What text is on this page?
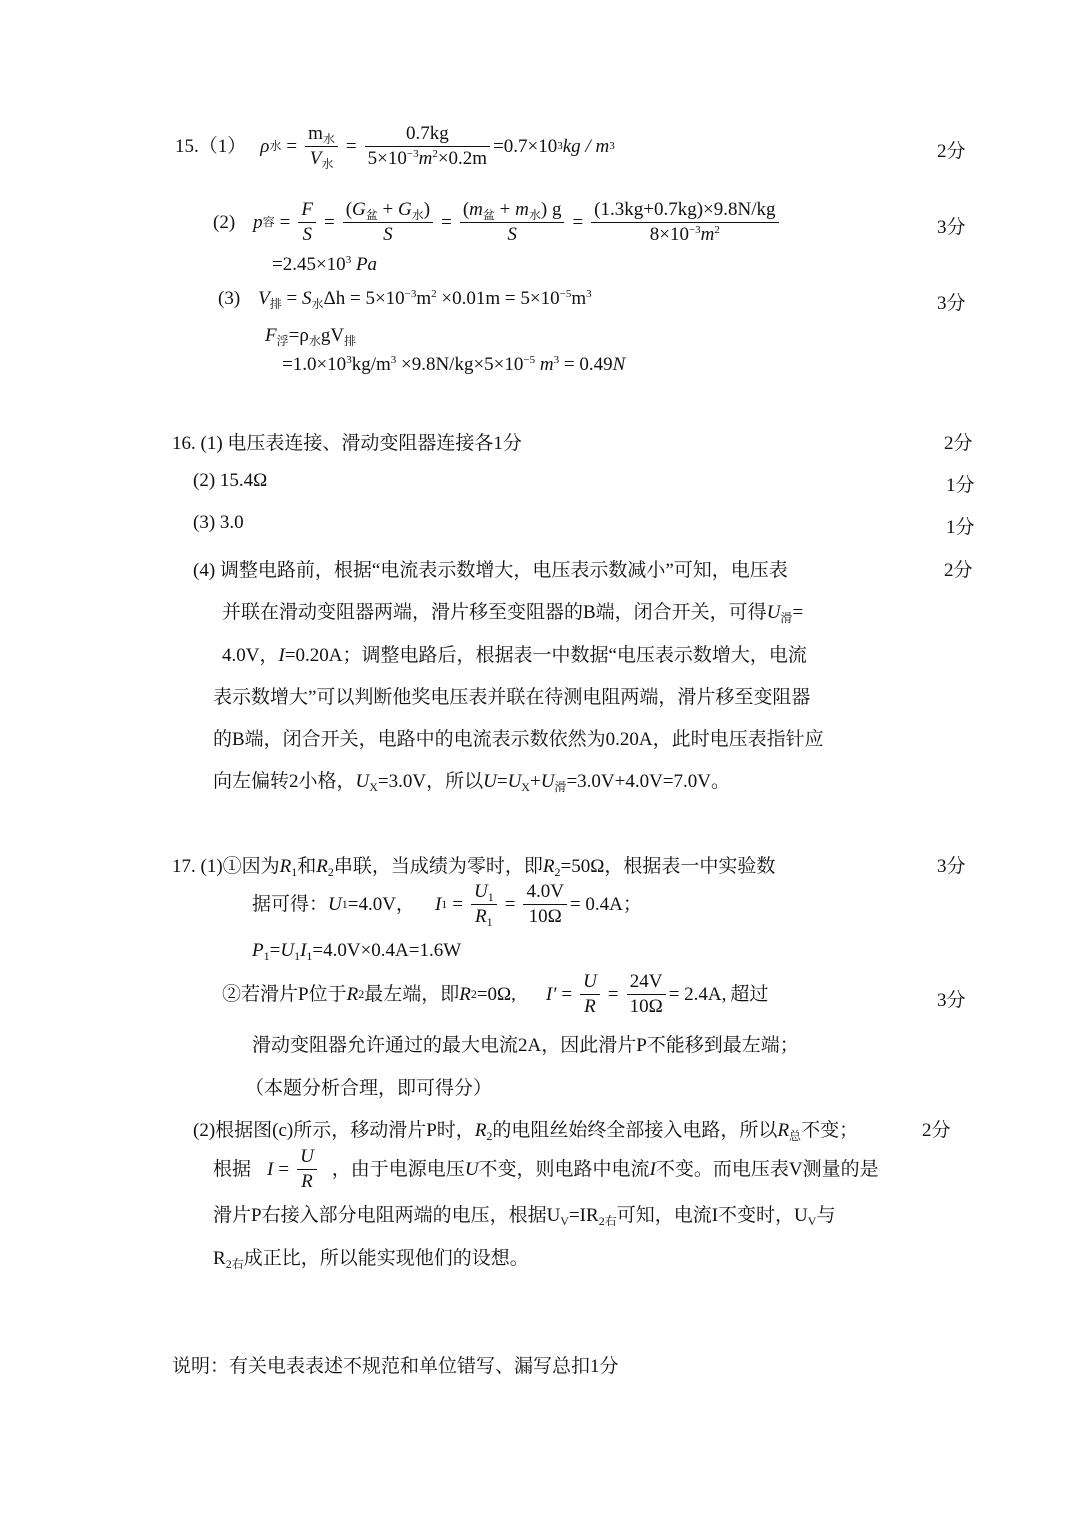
15. （1） ρ 水 = $\frac{m_水}{V_水} = \frac{0.7kg}{5\times 10^{-3}m^2\times 0.2m} =0.7\times 10$ 3 kg / m 3	2分
(2) p 容 = $\frac{F}{S} = \frac{(G_盆 + G_水)}{S} = \frac{(m_盆 + m_水) g}{S} = \frac{(1.3kg+0.7kg)\times 9.8N/kg}{8\times 10^{-3}m^2}$
$=2.45\times 10^3$ Pa
3分
(3) $V_排 = S_水\Delta h = 5\times 10^{-3}m^2 \times 0.01m = 5\times 10^{-5}m^3$	3分
$F_浮=\rho_水gV_排$
$=1.0\times 10^3kg/m^3 \times 9.8N/kg\times 5\times 10^{-5}$ $m^3 = 0.49N$
16. (1) 电压表连接、滑动变阻器连接各1分	2分
(2) 15.4Ω	1分
(3) 3.0	1分
(4) 调整电路前，根据“电流表示数增大，电压表示数减小”可知，电压表	2分
并联在滑动变阻器两端，滑片移至变阻器的B端，闭合开关，可得$U_滑=$
4.0V，I=0.20A；调整电路后，根据表一中数据“电压表示数增大，电流
表示数增大”可以判断他奖电压表并联在待测电阻两端，滑片移至变阻器
的B端，闭合开关，电路中的电流表示数依然为0.20A，此时电压表指针应
向左偏转2小格，$U_X=3.0V$，所以$U=U_X+U_滑=3.0V+4.0V=7.0V$。
17. (1)①因为$R_1$和$R_2$串联，当成绩为零时，即$R_2=50\Omega$，根据表一中实验数	3分
据可得： U 1 =4.0V， I $1 = \frac{U_1}{R_1} = \frac{4.0V}{10\Omega} = 0.4A$ ；
$P_1=U_1I_1=4.0V\times 0.4A=1.6W$
②若滑片P位于 R 2 最左端，即 R 2 =0Ω, $I' = \frac{U}{R} = \frac{24V}{10\Omega} = 2.4A$, 超过	3分
滑动变阻器允许通过的最大电流2A，因此滑片P不能移到最左端；
（本题分析合理，即可得分）
(2)根据图(c)所示，移动滑片P时，$R_2$的电阻丝始终全部接入电路，所以$R_总$不变；	2分
根据 $I = \frac{U}{R}$ ，由于电源电压 U 不变，则电路中电流 I 不变。而电压表V测量的是
滑片P右接入部分电阻两端的电压，根据$U_V=IR_{2右}$可知，电流I不变时，$U_V$与
$R_{2右}$成正比，所以能实现他们的设想。
说明：有关电表表述不规范和单位错写、漏写总扣1分
